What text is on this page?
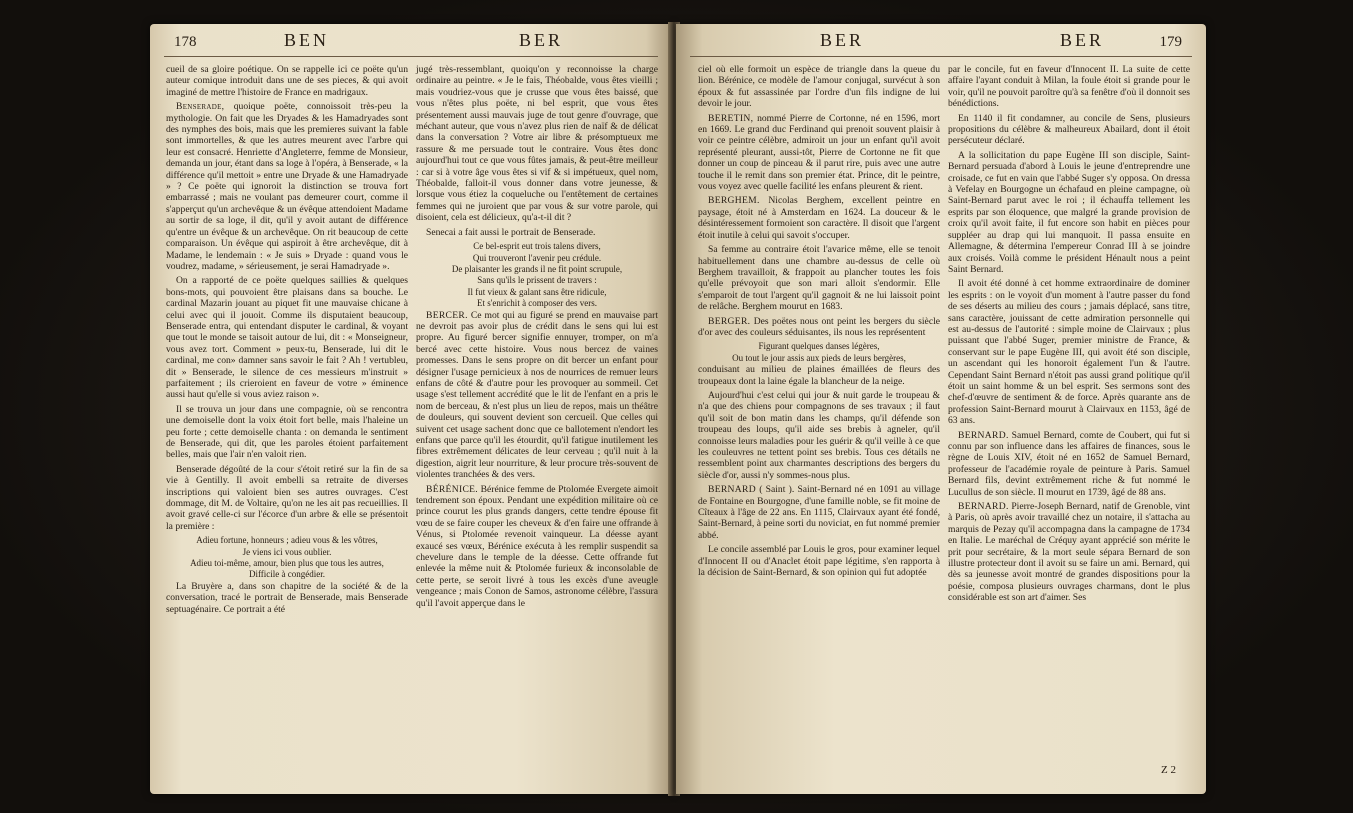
178	BEN	BER

cueil de sa gloire poétique. On se rappelle ici ce poëte qu'un auteur comique introduit dans une de ses pieces, & qui avoit imaginé de mettre l'histoire de France en madrigaux.

Benserade, quoique poëte, connoissoit très-peu la mythologie. On fait que les Dryades & les Hamadryades sont des nymphes des bois, mais que les premieres suivant la fable sont immortelles, & que les autres meurent avec l'arbre qui leur est consacré. Henriette d'Angleterre, femme de Monsieur, demanda un jour, étant dans sa loge à l'opéra, à Benserade, « la différence qu'il mettoit » entre une Dryade & une Hamadryade » ? Ce poëte qui ignoroit la distinction se trouva fort embarrassé ; mais ne voulant pas demeurer court, comme il s'apperçut qu'un archevêque & un évêque attendoient Madame au sortir de sa loge, il dit, qu'il y avoit autant de différence qu'entre un évêque & un archevêque. On rit beaucoup de cette comparaison. Un évêque qui aspiroit à être archevêque, dit à Madame, le lendemain : « Je suis » Dryade : quand vous le voudrez, madame, » sérieusement, je serai Hamadryade ».

On a rapporté de ce poëte quelques saillies & quelques bons-mots, qui pouvoient être plaisans dans sa bouche. Le cardinal Mazarin jouant au piquet fit une mauvaise chicane à celui avec qui il jouoit. Comme ils disputaient beaucoup, Benserade entra, qui entendant disputer le cardinal, & voyant que tout le monde se taisoit autour de lui, dit : « Monseigneur, vous avez tort. Comment » peux-tu, Benserade, lui dit le cardinal, me con» damner sans savoir le fait ? Ah ! vertubleu, dit » Benserade, le silence de ces messieurs m'instruit » parfaitement ; ils crieroient en faveur de votre » éminence aussi haut qu'elle si vous aviez raison ».

Il se trouva un jour dans une compagnie, où se rencontra une demoiselle dont la voix étoit fort belle, mais l'haleine un peu forte ; cette demoiselle chanta : on demanda le sentiment de Benserade, qui dit, que les paroles étoient parfaitement belles, mais que l'air n'en valoit rien.

Benserade dégoûté de la cour s'étoit retiré sur la fin de sa vie à Gentilly. Il avoit embelli sa retraite de diverses inscriptions qui valoient bien ses autres ouvrages. C'est dommage, dit M. de Voltaire, qu'on ne les ait pas recueillies. Il avoit gravé celle-ci sur l'écorce d'un arbre & elle se présentoit la première :

Adieu fortune, honneurs ; adieu vous & les vôtres,

Je viens ici vous oublier.

Adieu toi-même, amour, bien plus que tous les autres,

Difficile à congédier.

La Bruyère a, dans son chapitre de la société & de la conversation, tracé le portrait de Benserade, mais Benserade septuagénaire. Ce portrait a été

jugé très-ressemblant, quoiqu'on y reconnoisse la charge ordinaire au peintre. « Je le fais, Théobalde, vous êtes vieilli ; mais voudriez-vous que je crusse que vous êtes baissé, que vous n'êtes plus poëte, ni bel esprit, que vous êtes présentement aussi mauvais juge de tout genre d'ouvrage, que méchant auteur, que vous n'avez plus rien de naïf & de délicat dans la conversation ? Votre air libre & présomptueux me rassure & me persuade tout le contraire. Vous êtes donc aujourd'hui tout ce que vous fûtes jamais, & peut-être meilleur : car si à votre âge vous êtes si vif & si impétueux, quel nom, Théobalde, falloit-il vous donner dans votre jeunesse, & lorsque vous étiez la coqueluche ou l'entêtement de certaines femmes qui ne juroient que par vous & sur votre parole, qui disoient, cela est délicieux, qu'a-t-il dit ?

Senecai a fait aussi le portrait de Benserade.

Ce bel-esprit eut trois talens divers,

Qui trouveront l'avenir peu crédule.

De plaisanter les grands il ne fit point scrupule,

Sans qu'ils le prissent de travers :

Il fut vieux & galant sans être ridicule,

Et s'enrichit à composer des vers.

BERCER. Ce mot qui au figuré se prend en mauvaise part ne devroit pas avoir plus de crédit dans le sens qui lui est propre. Au figuré bercer signifie ennuyer, tromper, on m'a bercé avec cette histoire. Vous nous bercez de vaines promesses. Dans le sens propre on dit bercer un enfant pour désigner l'usage pernicieux à nos de nourrices de remuer leurs enfans de côté & d'autre pour les provoquer au sommeil. Cet usage s'est tellement accrédité que le lit de l'enfant en a pris le nom de berceau, & n'est plus un lieu de repos, mais un théâtre de douleurs, qui souvent devient son cercueil. Que celles qui suivent cet usage sachent donc que ce ballotement n'endort les enfans que parce qu'il les étourdit, qu'il fatigue inutilement les fibres extrêmement délicates de leur cerveau ; qu'il nuit à la digestion, aigrit leur nourriture, & leur procure très-souvent de violentes tranchées & des vers.

BÉRÉNICE. Bérénice femme de Ptolomée Evergete aimoit tendrement son époux. Pendant une expédition militaire où ce prince courut les plus grands dangers, cette tendre épouse fit vœu de se faire couper les cheveux & d'en faire une offrande à Vénus, si Ptolomée revenoit vainqueur. La déesse ayant exaucé ses vœux, Bérénice exécuta à les remplir suspendit sa chevelure dans le temple de la déesse. Cette offrande fut enlevée la même nuit & Ptolomée furieux & inconsolable de cette perte, se seroit livré à tous les excès d'une aveugle vengeance ; mais Conon de Samos, astronome célèbre, l'assura qu'il l'avoit apperçue dans le

BER	BER	179

ciel où elle formoit un espèce de triangle dans la queue du lion. Bérénice, ce modèle de l'amour conjugal, survécut à son époux & fut assassinée par l'ordre d'un fils indigne de lui devoir le jour.

BERETIN, nommé Pierre de Cortonne, né en 1596, mort en 1669. Le grand duc Ferdinand qui prenoit souvent plaisir à voir ce peintre célèbre, admiroit un jour un enfant qu'il avoit représenté pleurant, aussi-tôt, Pierre de Cortonne ne fit que donner un coup de pinceau & il parut rire, puis avec une autre touche il le remit dans son premier état. Prince, dit le peintre, vous voyez avec quelle facilité les enfans pleurent & rient.

BERGHEM. Nicolas Berghem, excellent peintre en paysage, étoit né à Amsterdam en 1624. La douceur & le désintéressement formoient son caractère. Il disoit que l'argent étoit inutile à celui qui savoit s'occuper.

Sa femme au contraire étoit l'avarice même, elle se tenoit habituellement dans une chambre au-dessus de celle où Berghem travailloit, & frappoit au plancher toutes les fois qu'elle prévoyoit que son mari alloit s'endormir. Elle s'emparoit de tout l'argent qu'il gagnoit & ne lui laissoit point de relâche. Berghem mourut en 1683.

BERGER. Des poëtes nous ont peint les bergers du siècle d'or avec des couleurs séduisantes, ils nous les représentent

Figurant quelques danses légères,

Ou tout le jour assis aux pieds de leurs bergères,

conduisant au milieu de plaines émaillées de fleurs des troupeaux dont la laine égale la blancheur de la neige.

Aujourd'hui c'est celui qui jour & nuit garde le troupeau & n'a que des chiens pour compagnons de ses travaux ; il faut qu'il soit de bon matin dans les champs, qu'il défende son troupeau des loups, qu'il aide ses brebis à agneler, qu'il connoisse leurs maladies pour les guérir & qu'il veille à ce que les couleuvres ne tettent point ses brebis. Tous ces détails ne ressemblent point aux charmantes descriptions des bergers du siècle d'or, aussi n'y sommes-nous plus.

BERNARD ( Saint ). Saint-Bernard né en 1091 au village de Fontaine en Bourgogne, d'une famille noble, se fit moine de Cîteaux à l'âge de 22 ans. En 1115, Clairvaux ayant été fondé, Saint-Bernard, à peine sorti du noviciat, en fut nommé premier abbé.

Le concile assemblé par Louis le gros, pour examiner lequel d'Innocent II ou d'Anaclet étoit pape légitime, s'en rapporta à la décision de Saint-Bernard, & son opinion qui fut adoptée

par le concile, fut en faveur d'Innocent II. La suite de cette affaire l'ayant conduit à Milan, la foule étoit si grande pour le voir, qu'il ne pouvoit paroître qu'à sa fenêtre d'où il donnoit ses bénédictions.

En 1140 il fit condamner, au concile de Sens, plusieurs propositions du célèbre & malheureux Abailard, dont il étoit persécuteur déclaré.

A la sollicitation du pape Eugène III son disciple, Saint-Bernard persuada d'abord à Louis le jeune d'entreprendre une croisade, ce fut en vain que l'abbé Suger s'y opposa. On dressa à Vefelay en Bourgogne un échafaud en pleine campagne, où Saint-Bernard parut avec le roi ; il échauffa tellement les esprits par son éloquence, que malgré la grande provision de croix qu'il avoit faite, il fut encore son habit en pièces pour suppléer au drap qui lui manquoit. Il passa ensuite en Allemagne, & détermina l'empereur Conrad III à se joindre aux croisés. Voilà comme le président Hénault nous a peint Saint Bernard.

Il avoit été donné à cet homme extraordinaire de dominer les esprits : on le voyoit d'un moment à l'autre passer du fond de ses déserts au milieu des cours ; jamais déplacé, sans titre, sans caractère, jouissant de cette admiration personnelle qui est au-dessus de l'autorité : simple moine de Clairvaux ; plus puissant que l'abbé Suger, premier ministre de France, & conservant sur le pape Eugène III, qui avoit été son disciple, un ascendant qui les honoroit également l'un & l'autre. Cependant Saint Bernard n'étoit pas aussi grand politique qu'il étoit un saint homme & un bel esprit. Ses sermons sont des chef-d'œuvre de sentiment & de force. Après quarante ans de profession Saint-Bernard mourut à Clairvaux en 1153, âgé de 63 ans.

BERNARD. Samuel Bernard, comte de Coubert, qui fut si connu par son influence dans les affaires de finances, sous le règne de Louis XIV, étoit né en 1652 de Samuel Bernard, professeur de l'académie royale de peinture à Paris. Samuel Bernard fils, devint extrêmement riche & fut nommé le Lucullus de son siècle. Il mourut en 1739, âgé de 88 ans.

BERNARD. Pierre-Joseph Bernard, natif de Grenoble, vint à Paris, où après avoir travaillé chez un notaire, il s'attacha au marquis de Pezay qu'il accompagna dans la campagne de 1734 en Italie. Le maréchal de Créquy ayant apprécié son mérite le prit pour secrétaire, & la mort seule sépara Bernard de son illustre protecteur dont il avoit su se faire un ami. Bernard, qui dès sa jeunesse avoit montré de grandes dispositions pour la poésie, composa plusieurs ouvrages charmans, dont le plus considérable est son art d'aimer. Ses

Z 2
